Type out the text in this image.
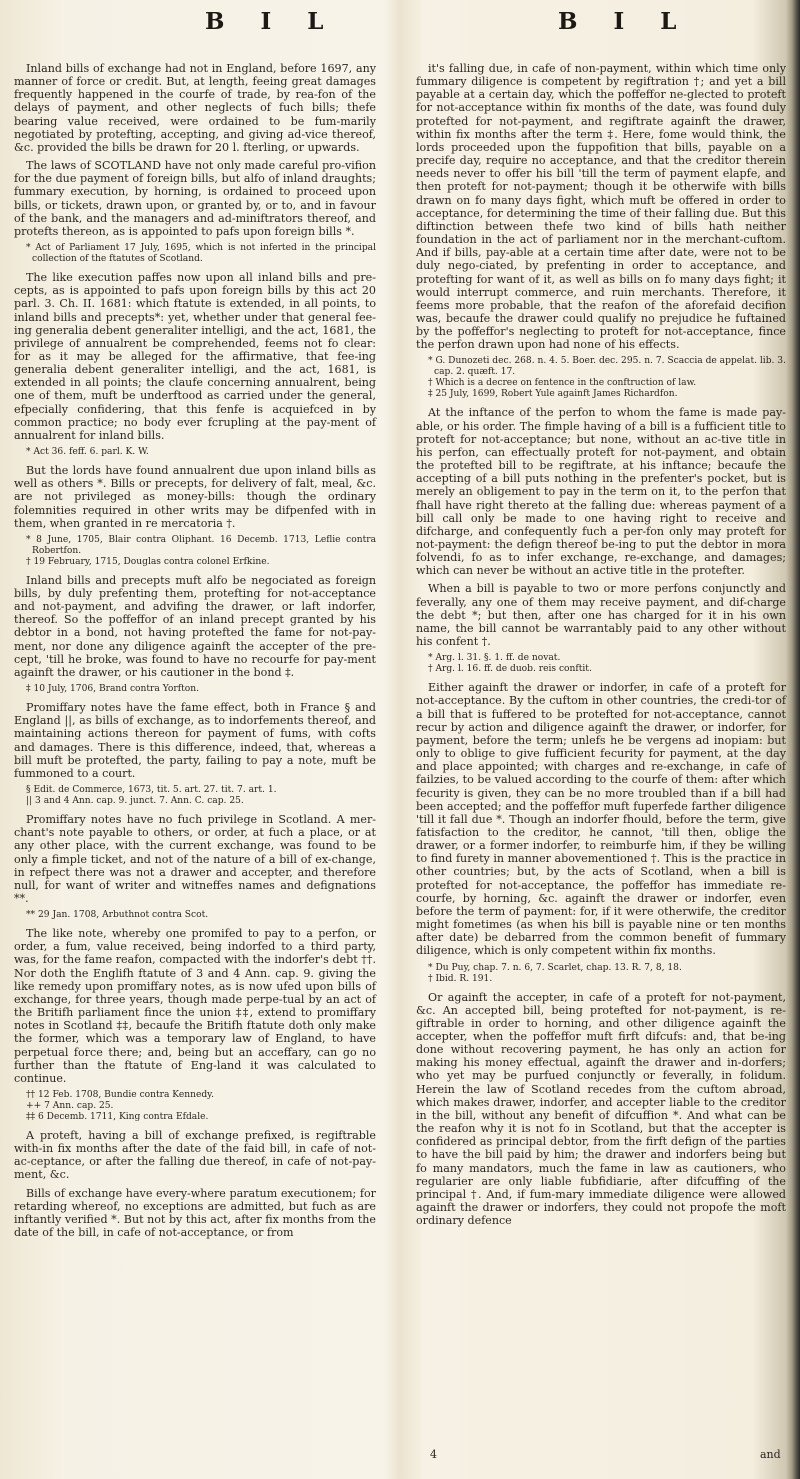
B I L	B I L

Inland bills of exchange had not in England, before 1697, any manner of force or credit. But, at length, feeing great damages frequently happened in the courfe of trade, by rea-fon of the delays of payment, and other neglects of fuch bills; thefe bearing value received, were ordained to be fum-marily negotiated by protefting, accepting, and giving ad-vice thereof, &c. provided the bills be drawn for 20 l. fterling, or upwards.

The laws of SCOTLAND have not only made careful pro-vifion for the due payment of foreign bills, but alfo of inland draughts; fummary execution, by horning, is ordained to proceed upon bills, or tickets, drawn upon, or granted by, or to, and in favour of the bank, and the managers and ad-miniftrators thereof, and protefts thereon, as is appointed to pafs upon foreign bills *.

* Act of Parliament 17 July, 1695, which is not inferted in the principal collection of the ftatutes of Scotland.

The like execution paffes now upon all inland bills and pre-cepts, as is appointed to pafs upon foreign bills by this act 20 parl. 3. Ch. II. 1681: which ftatute is extended, in all points, to inland bills and precepts*: yet, whether under that general fee-ing generalia debent generaliter intelligi, and the act, 1681, the privilege of annualrent be comprehended, feems not fo clear: for as it may be alleged for the affirmative, that fee-ing generalia debent generaliter intelligi, and the act, 1681, is extended in all points; the claufe concerning annualrent, being one of them, muft be underftood as carried under the general, efpecially confidering, that this fenfe is acquiefced in by common practice; no body ever fcrupling at the pay-ment of annualrent for inland bills.

* Act 36. feff. 6. parl. K. W.

But the lords have found annualrent due upon inland bills as well as others *. Bills or precepts, for delivery of falt, meal, &c. are not privileged as money-bills: though the ordinary folemnities required in other writs may be difpenfed with in them, when granted in re mercatoria †.

* 8 June, 1705, Blair contra Oliphant. 16 Decemb. 1713, Leflie contra Robertfon.
† 19 February, 1715, Douglas contra colonel Erfkine.

Inland bills and precepts muft alfo be negociated as foreign bills, by duly prefenting them, protefting for not-acceptance and not-payment, and advifing the drawer, or laft indorfer, thereof. So the poffeffor of an inland precept granted by his debtor in a bond, not having protefted the fame for not-pay-ment, nor done any diligence againft the accepter of the pre-cept, 'till he broke, was found to have no recourfe for pay-ment againft the drawer, or his cautioner in the bond ‡.

‡ 10 July, 1706, Brand contra Yorfton.

Promiffary notes have the fame effect, both in France § and England ||, as bills of exchange, as to indorfements thereof, and maintaining actions thereon for payment of fums, with cofts and damages. There is this difference, indeed, that, whereas a bill muft be protefted, the party, failing to pay a note, muft be fummoned to a court.

§ Edit. de Commerce, 1673, tit. 5. art. 27. tit. 7. art. 1.
|| 3 and 4 Ann. cap. 9. junct. 7. Ann. C. cap. 25.

Promiffary notes have no fuch privilege in Scotland. A mer-chant's note payable to others, or order, at fuch a place, or at any other place, with the current exchange, was found to be only a fimple ticket, and not of the nature of a bill of ex-change, in refpect there was not a drawer and accepter, and therefore null, for want of writer and witneffes names and defignations **.

** 29 Jan. 1708, Arbuthnot contra Scot.

The like note, whereby one promifed to pay to a perfon, or order, a fum, value received, being indorfed to a third party, was, for the fame reafon, compacted with the indorfer's debt ††. Nor doth the Englifh ftatute of 3 and 4 Ann. cap. 9. giving the like remedy upon promiffary notes, as is now ufed upon bills of exchange, for three years, though made perpe-tual by an act of the Britifh parliament fince the union ‡‡, extend to promiffary notes in Scotland ‡‡, becaufe the Britifh ftatute doth only make the former, which was a temporary law of England, to have perpetual force there; and, being but an acceffary, can go no further than the ftatute of Eng-land it was calculated to continue.

†† 12 Feb. 1708, Bundie contra Kennedy.
++ 7 Ann. cap. 25.
‡‡ 6 Decemb. 1711, King contra Efdale.

A proteft, having a bill of exchange prefixed, is regiftrable with-in fix months after the date of the faid bill, in cafe of not-ac-ceptance, or after the falling due thereof, in cafe of not-pay-ment, &c.

Bills of exchange have every-where paratum executionem; for retarding whereof, no exceptions are admitted, but fuch as are inftantly verified *. But not by this act, after fix months from the date of the bill, in cafe of not-acceptance, or from

it's falling due, in cafe of non-payment, within which time only fummary diligence is competent by regiftration †; and yet a bill payable at a certain day, which the poffeffor ne-glected to proteft for not-acceptance within fix months of the date, was found duly protefted for not-payment, and regiftrate againft the drawer, within fix months after the term ‡. Here, fome would think, the lords proceeded upon the fuppofition that bills, payable on a precife day, require no acceptance, and that the creditor therein needs never to offer his bill 'till the term of payment elapfe, and then proteft for not-payment; though it be otherwife with bills drawn on fo many days fight, which muft be offered in order to acceptance, for determining the time of their falling due. But this diftinction between thefe two kind of bills hath neither foundation in the act of parliament nor in the merchant-cuftom. And if bills, pay-able at a certain time after date, were not to be duly nego-ciated, by prefenting in order to acceptance, and protefting for want of it, as well as bills on fo many days fight; it would interrupt commerce, and ruin merchants. Therefore, it feems more probable, that the reafon of the aforefaid decifion was, becaufe the drawer could qualify no prejudice he fuftained by the poffeffor's neglecting to proteft for not-acceptance, fince the perfon drawn upon had none of his effects.

* G. Dunozeti dec. 268. n. 4. 5. Boer. dec. 295. n. 7. Scaccia de appelat. lib. 3. cap. 2. quæft. 17.
† Which is a decree on fentence in the conftruction of law.
‡ 25 July, 1699, Robert Yule againft James Richardfon.

At the inftance of the perfon to whom the fame is made pay-able, or his order. The fimple having of a bill is a fufficient title to proteft for not-acceptance; but none, without an ac-tive title in his perfon, can effectually proteft for not-payment, and obtain the protefted bill to be regiftrate, at his inftance; becaufe the accepting of a bill puts nothing in the prefenter's pocket, but is merely an obligement to pay in the term on it, to the perfon that fhall have right thereto at the falling due: whereas payment of a bill call only be made to one having right to receive and difcharge, and confequently fuch a per-fon only may proteft for not-payment: the defign thereof be-ing to put the debtor in mora folvendi, fo as to infer exchange, re-exchange, and damages; which can never be without an active title in the protefter.

When a bill is payable to two or more perfons conjunctly and feverally, any one of them may receive payment, and dif-charge the debt *; but then, after one has charged for it in his own name, the bill cannot be warrantably paid to any other without his confent †.

* Arg. l. 31. §. 1. ff. de novat.
† Arg. l. 16. ff. de duob. reis conftit.

Either againft the drawer or indorfer, in cafe of a proteft for not-acceptance. By the cuftom in other countries, the credi-tor of a bill that is fuffered to be protefted for not-acceptance, cannot recur by action and diligence againft the drawer, or indorfer, for payment, before the term; unlefs he be vergens ad inopiam: but only to oblige to give fufficient fecurity for payment, at the day and place appointed; with charges and re-exchange, in cafe of failzies, to be valued according to the courfe of them: after which fecurity is given, they can be no more troubled than if a bill had been accepted; and the poffeffor muft fuperfede farther diligence 'till it fall due *. Though an indorfer fhould, before the term, give fatisfaction to the creditor, he cannot, 'till then, oblige the drawer, or a former indorfer, to reimburfe him, if they be willing to find furety in manner abovementioned †. This is the practice in other countries; but, by the acts of Scotland, when a bill is protefted for not-acceptance, the poffeffor has immediate re-courfe, by horning, &c. againft the drawer or indorfer, even before the term of payment: for, if it were otherwife, the creditor might fometimes (as when his bill is payable nine or ten months after date) be debarred from the common benefit of fummary diligence, which is only competent within fix months.

* Du Puy, chap. 7. n. 6, 7. Scarlet, chap. 13. R. 7, 8, 18.
† Ibid. R. 191.

Or againft the accepter, in cafe of a proteft for not-payment, &c. An accepted bill, being protefted for not-payment, is re-giftrable in order to horning, and other diligence againft the accepter, when the poffeffor muft firft difcufs: and, that be-ing done without recovering payment, he has only an action for making his money effectual, againft the drawer and in-dorfers; who yet may be purfued conjunctly or feverally, in folidum. Herein the law of Scotland recedes from the cuftom abroad, which makes drawer, indorfer, and accepter liable to the creditor in the bill, without any benefit of difcuffion *. And what can be the reafon why it is not fo in Scotland, but that the accepter is confidered as principal debtor, from the firft defign of the parties to have the bill paid by him; the drawer and indorfers being but fo many mandators, much the fame in law as cautioners, who regularier are only liable fubfidiarie, after difcuffing of the principal †. And, if fum-mary immediate diligence were allowed againft the drawer or indorfers, they could not propofe the moft ordinary defence

4	and
